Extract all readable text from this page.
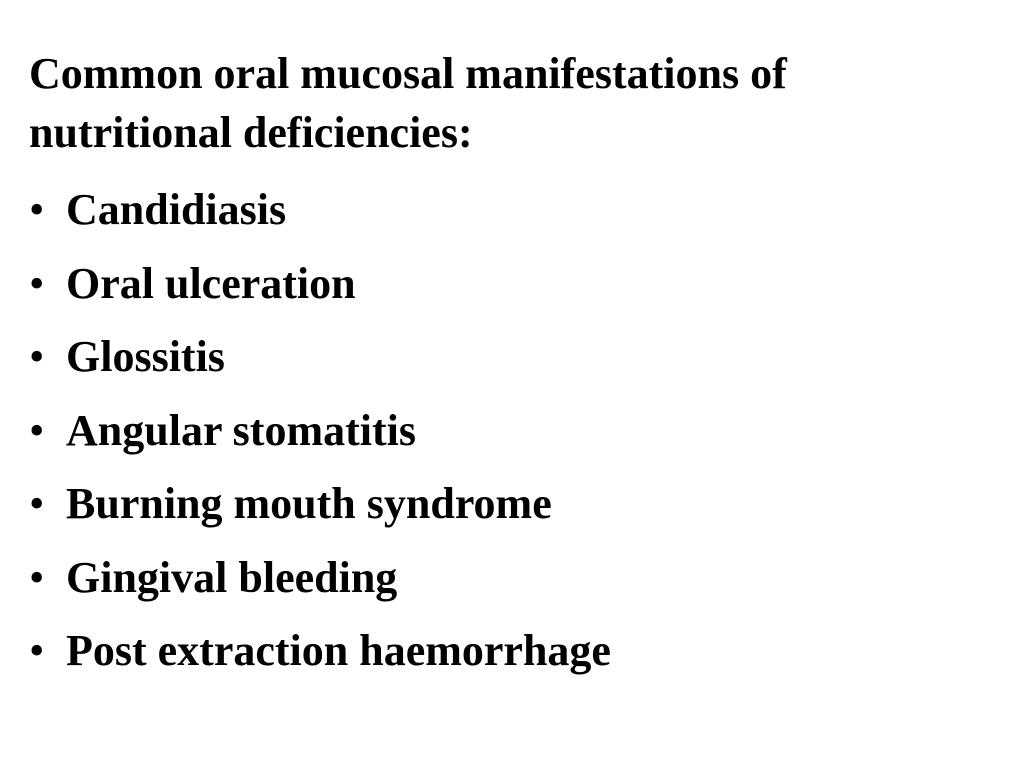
Common oral mucosal manifestations of
nutritional deficiencies:
• Candidiasis
• Oral ulceration
• Glossitis
• Angular stomatitis
• Burning mouth syndrome
• Gingival bleeding
• Post extraction haemorrhage
